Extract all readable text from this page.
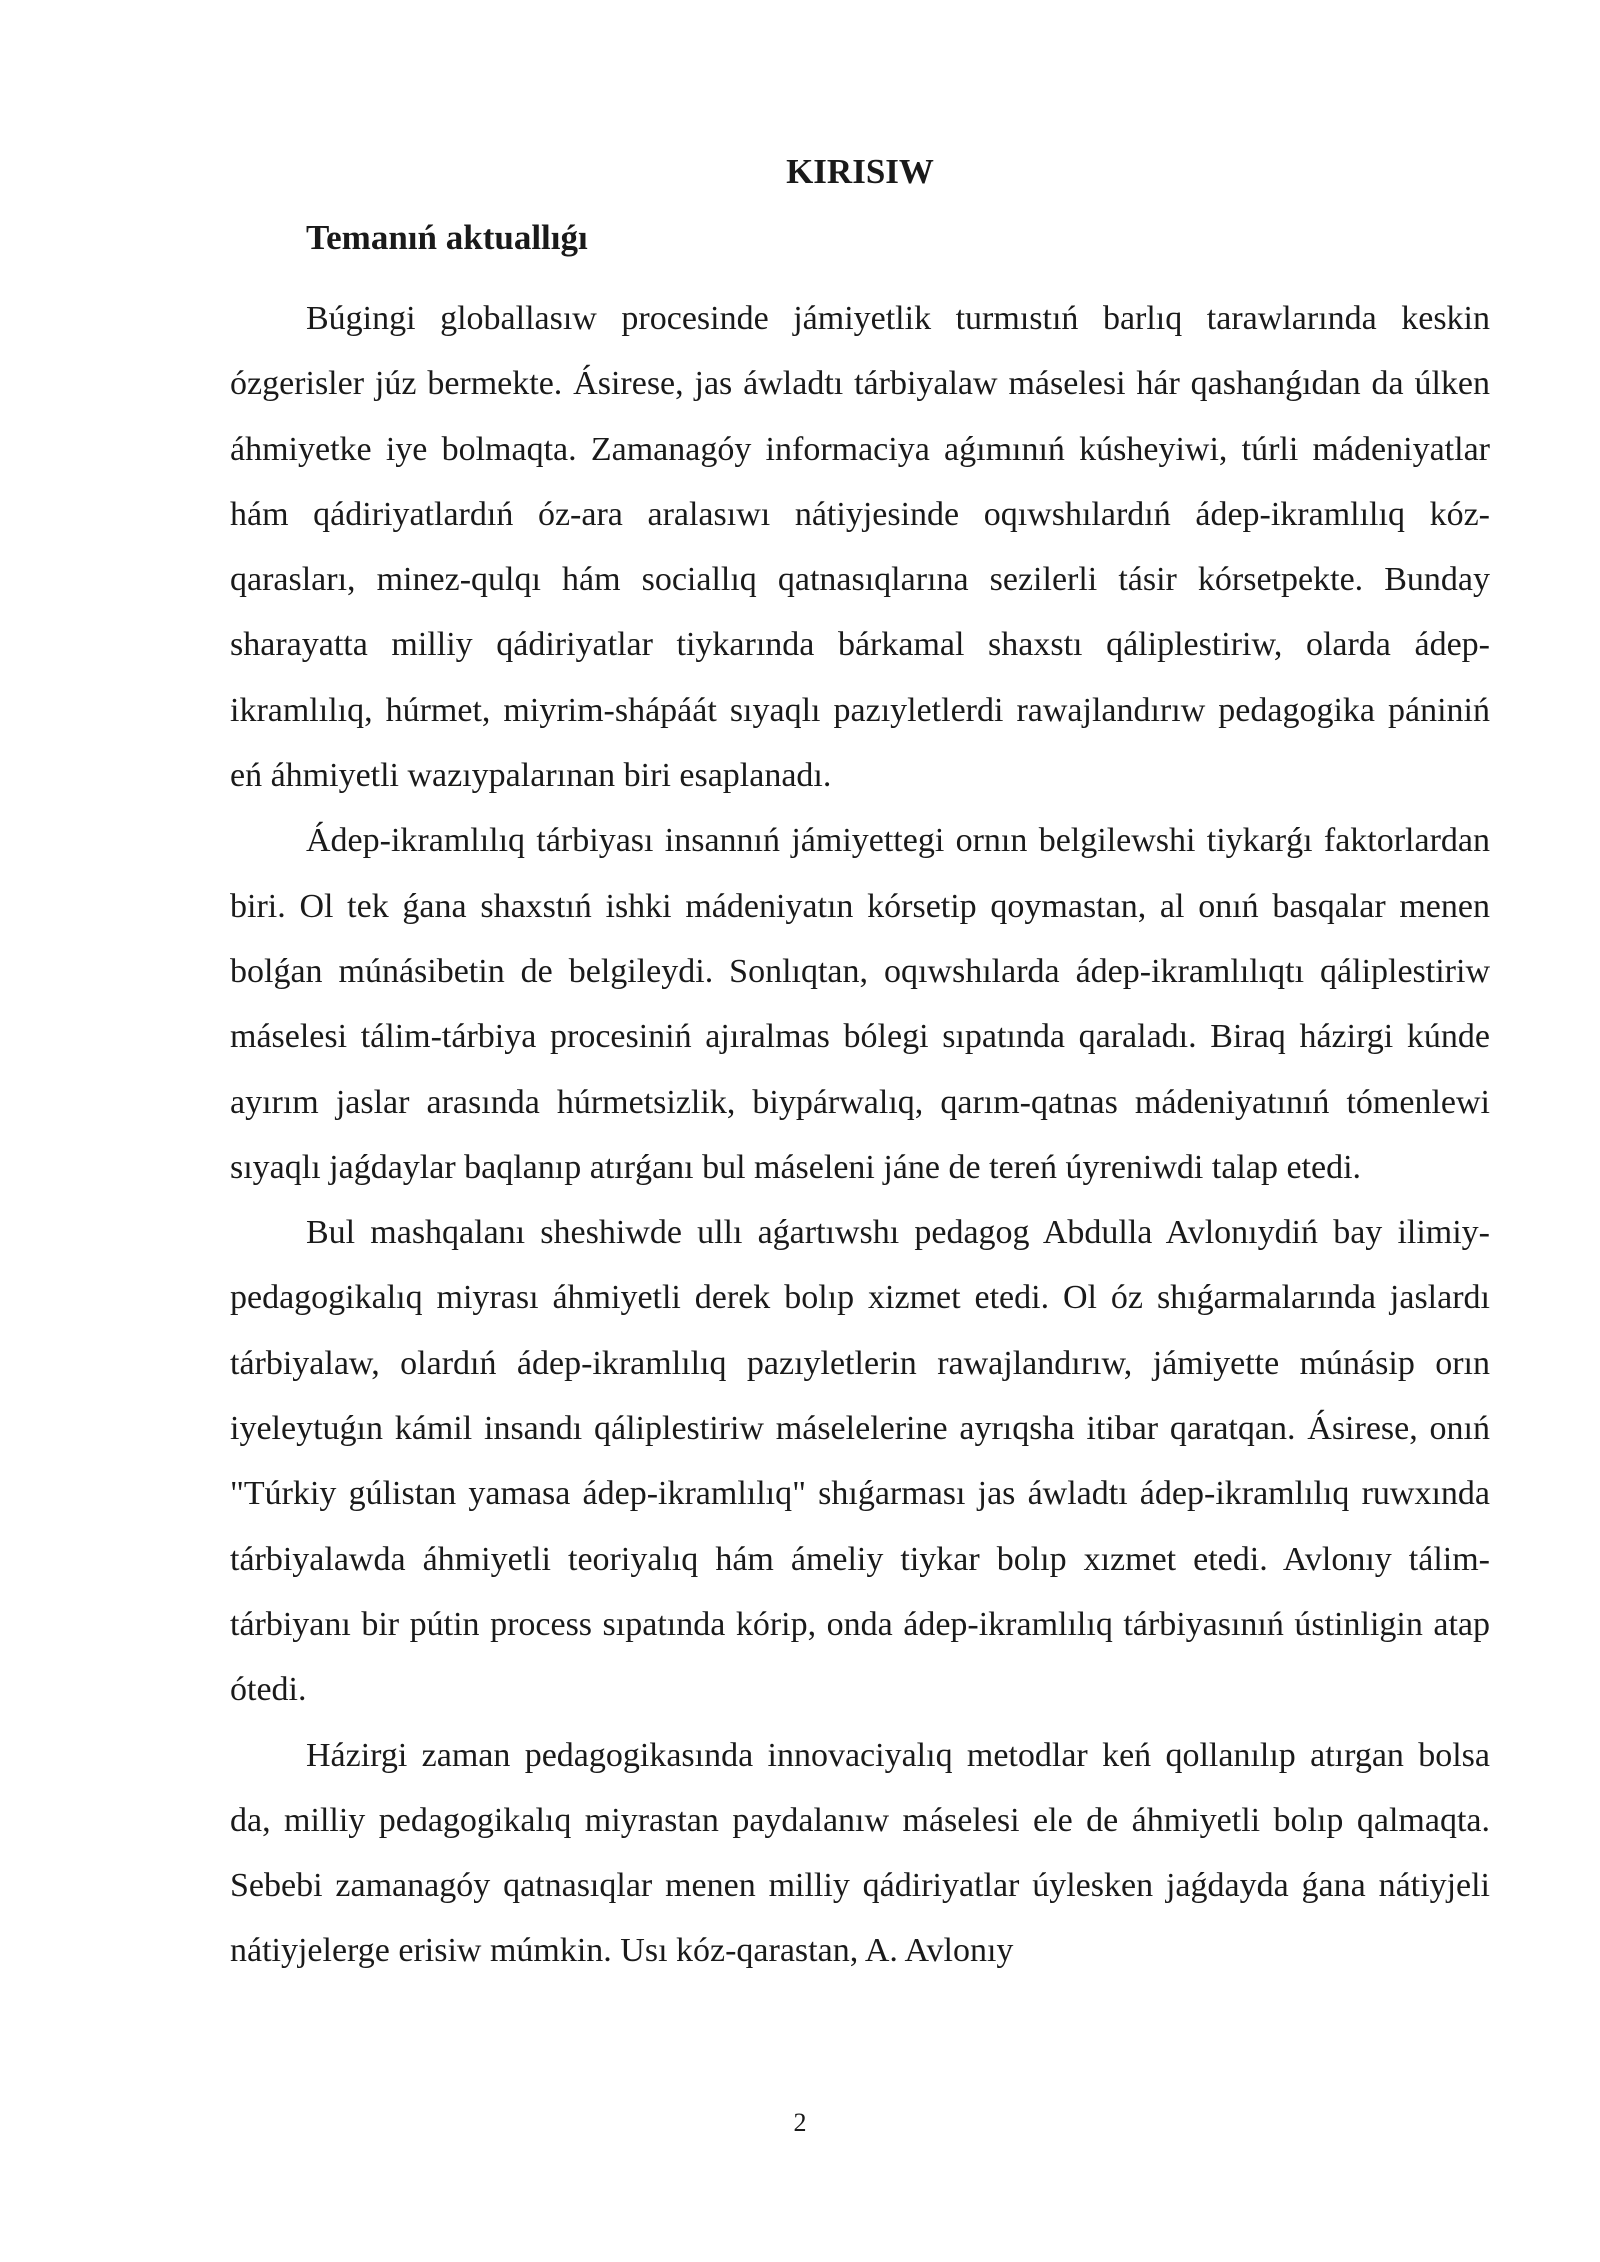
KIRISIW
Temanıń aktuallıǵı

Búgingi globallasıw procesinde jámiyetlik turmıstıń barlıq tarawlarında keskin ózgerisler júz bermekte. Ásirese, jas áwladtı tárbiyalaw máselesi hár qashanǵıdan da úlken áhmiyetke iye bolmaqta. Zamanagóy informaciya aǵımınıń kúsheyiwi, túrli mádeniyatlar hám qádiriyatlardıń óz-ara aralasıwı nátiyjesinde oqıwshılardıń ádep-ikramlılıq kóz-qarasları, minez-qulqı hám sociallıq qatnasıqlarına sezilerli tásir kórsetpekte. Bunday sharayatta milliy qádiriyatlar tiykarında bárkamal shaxstı qáliplestiriw, olarda ádep-ikramlılıq, húrmet, miyrim-shápáát sıyaqlı pazıyletlerdi rawajlandırıw pedagogika pániniń eń áhmiyetli wazıypalarınan biri esaplanadı.

Ádep-ikramlılıq tárbiyası insannıń jámiyettegi ornın belgilewshi tiykarǵı faktorlardan biri. Ol tek ǵana shaxstıń ishki mádeniyatın kórsetip qoymastan, al onıń basqalar menen bolǵan múnásibetin de belgileydi. Sonlıqtan, oqıwshılarda ádep-ikramlılıqtı qáliplestiriw máselesi tálim-tárbiya procesiniń ajıralmas bólegi sıpatında qaraladı. Biraq házirgi kúnde ayırım jaslar arasında húrmetsizlik, biypárwalıq, qarım-qatnas mádeniyatınıń tómenlewi sıyaqlı jaǵdaylar baqlanıp atırǵanı bul máseleni jáne de tereń úyreniwdi talap etedi.

Bul mashqalanı sheshiwde ullı aǵartıwshı pedagog Abdulla Avlonıydiń bay ilimiy-pedagogikalıq miyrası áhmiyetli derek bolıp xizmet etedi. Ol óz shıǵarmalarında jaslardı tárbiyalaw, olardıń ádep-ikramlılıq pazıyletlerin rawajlandırıw, jámiyette múnásip orın iyeleytuǵın kámil insandı qáliplestiriw máselelerine ayrıqsha itibar qaratqan. Ásirese, onıń "Túrkiy gúlistan yamasa ádep-ikramlılıq" shıǵarması jas áwladtı ádep-ikramlılıq ruwxında tárbiyalawda áhmiyetli teoriyalıq hám ámeliy tiykar bolıp xızmet etedi. Avlonıy tálim-tárbiyanı bir pútin process sıpatında kórip, onda ádep-ikramlılıq tárbiyasınıń ústinligin atap ótedi.

Házirgi zaman pedagogikasında innovaciyalıq metodlar keń qollanılıp atırgan bolsa da, milliy pedagogikalıq miyrastan paydalanıw máselesi ele de áhmiyetli bolıp qalmaqta. Sebebi zamanagóy qatnasıqlar menen milliy qádiriyatlar úylesken jaǵdayda ǵana nátiyjeli nátiyjelerge erisiw múmkin. Usı kóz-qarastan, A. Avlonıy

2
